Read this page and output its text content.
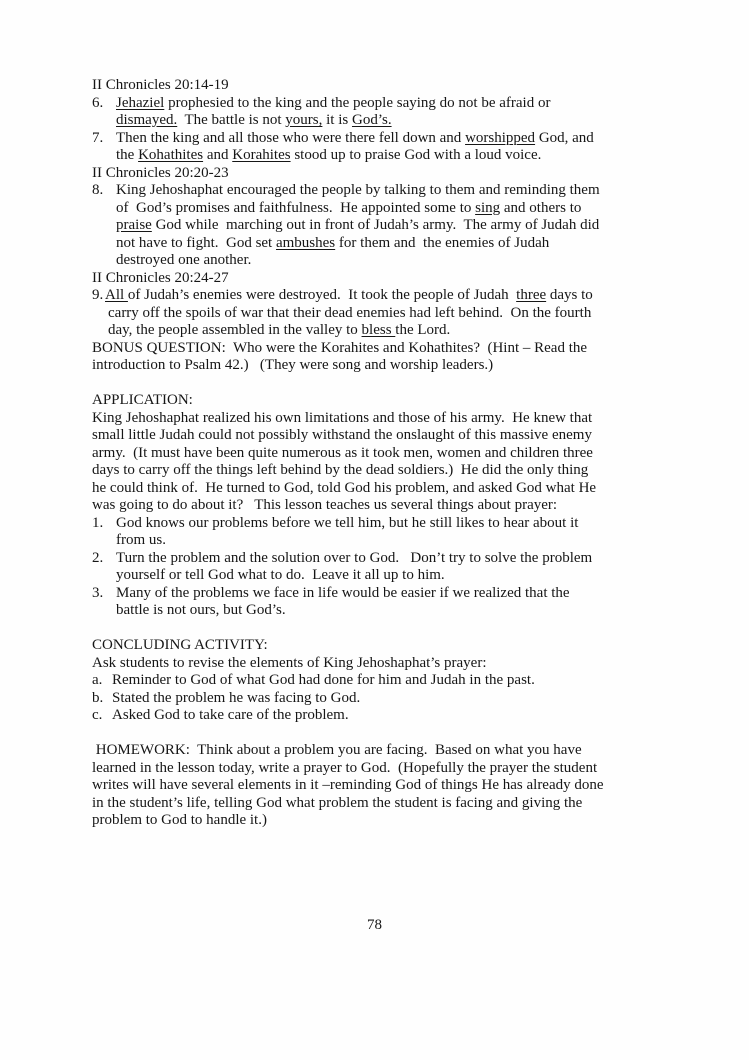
II Chronicles 20:14-19
6. Jehaziel prophesied to the king and the people saying do not be afraid or
dismayed.  The battle is not yours, it is God’s.
7. Then the king and all those who were there fell down and worshipped God, and
the Kohathites and Korahites stood up to praise God with a loud voice.
II Chronicles 20:20-23
8. King Jehoshaphat encouraged the people by talking to them and reminding them
of  God’s promises and faithfulness.  He appointed some to sing and others to
praise God while  marching out in front of Judah’s army.  The army of Judah did
not have to fight.  God set ambushes for them and  the enemies of Judah
destroyed one another.
II Chronicles 20:24-27
9. All of Judah’s enemies were destroyed.  It took the people of Judah  three days to
carry off the spoils of war that their dead enemies had left behind.  On the fourth
day, the people assembled in the valley to bless the Lord.
BONUS QUESTION:  Who were the Korahites and Kohathites?  (Hint – Read the
introduction to Psalm 42.)   (They were song and worship leaders.)
APPLICATION:
King Jehoshaphat realized his own limitations and those of his army.  He knew that
small little Judah could not possibly withstand the onslaught of this massive enemy
army.  (It must have been quite numerous as it took men, women and children three
days to carry off the things left behind by the dead soldiers.)  He did the only thing
he could think of.  He turned to God, told God his problem, and asked God what He
was going to do about it?   This lesson teaches us several things about prayer:
1. God knows our problems before we tell him, but he still likes to hear about it
from us.
2. Turn the problem and the solution over to God.   Don’t try to solve the problem
yourself or tell God what to do.  Leave it all up to him.
3. Many of the problems we face in life would be easier if we realized that the
battle is not ours, but God’s.
CONCLUDING ACTIVITY:
Ask students to revise the elements of King Jehoshaphat’s prayer:
a. Reminder to God of what God had done for him and Judah in the past.
b. Stated the problem he was facing to God.
c. Asked God to take care of the problem.
HOMEWORK:  Think about a problem you are facing.  Based on what you have
learned in the lesson today, write a prayer to God.  (Hopefully the prayer the student
writes will have several elements in it –reminding God of things He has already done
in the student’s life, telling God what problem the student is facing and giving the
problem to God to handle it.)
78
